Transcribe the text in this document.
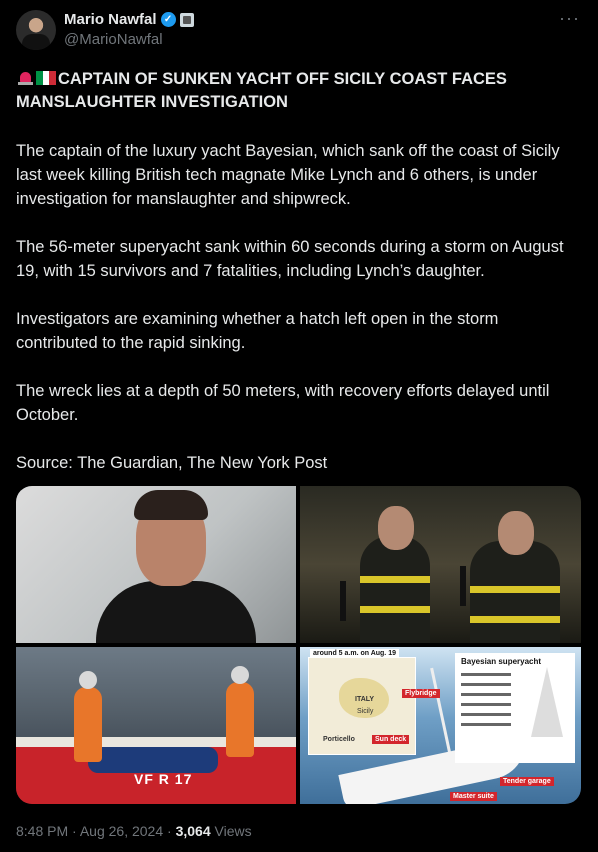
Mario Nawfal ✓
@MarioNawfal
···
CAPTAIN OF SUNKEN YACHT OFF SICILY COAST FACES MANSLAUGHTER INVESTIGATION
The captain of the luxury yacht Bayesian, which sank off the coast of Sicily last week killing British tech magnate Mike Lynch and 6 others, is under investigation for manslaughter and shipwreck.
The 56-meter superyacht sank within 60 seconds during a storm on August 19, with 15 survivors and 7 fatalities, including Lynch’s daughter.
Investigators are examining whether a hatch left open in the storm contributed to the rapid sinking.
The wreck lies at a depth of 50 meters, with recovery efforts delayed until October.
Source: The Guardian, The New York Post
VF R 17
around 5 a.m. on Aug. 19
ITALY
Sicily
Porticello
Flybridge
Sun deck
Master suite
Tender garage
Bayesian superyacht
8:48 PM · Aug 26, 2024 · 3,064 Views
